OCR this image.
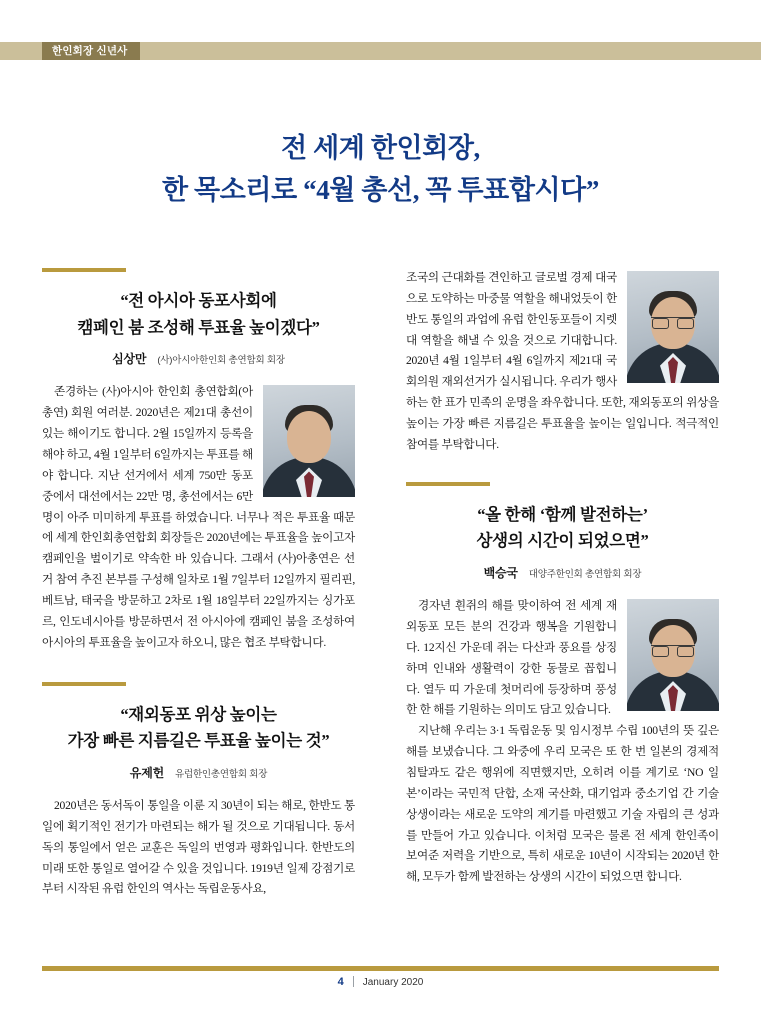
한인회장 신년사
전 세계 한인회장,
한 목소리로 “4월 총선, 꼭 투표합시다”
“전 아시아 동포사회에
캠페인 붐 조성해 투표율 높이겠다”
심상만 (사)아시아한인회 총연합회 회장

존경하는 (사)아시아 한인회 총연합회(아총연) 회원 여러분. 2020년은 제21대 총선이 있는 해이기도 합니다. 2월 15일까지 등록을 해야 하고, 4월 1일부터 6일까지는 투표를 해야 합니다. 지난 선거에서 세계 750만 동포 중에서 대선에서는 22만 명, 총선에서는 6만 명이 아주 미미하게 투표를 하였습니다. 너무나 적은 투표율 때문에 세계 한인회총연합회 회장들은 2020년에는 투표율을 높이고자 캠페인을 벌이기로 약속한 바 있습니다. 그래서 (사)아총연은 선거 참여 추진 본부를 구성해 일차로 1월 7일부터 12일까지 필리핀, 베트남, 태국을 방문하고 2차로 1월 18일부터 22일까지는 싱가포르, 인도네시아를 방문하면서 전 아시아에 캠페인 붐을 조성하여 아시아의 투표율을 높이고자 하오니, 많은 협조 부탁합니다.

“재외동포 위상 높이는
가장 빠른 지름길은 투표율 높이는 것”
유제헌 유럽한인총연합회 회장

2020년은 동서독이 통일을 이룬 지 30년이 되는 해로, 한반도 통일에 획기적인 전기가 마련되는 해가 될 것으로 기대됩니다. 동서독의 통일에서 얻은 교훈은 독일의 번영과 평화입니다. 한반도의 미래 또한 통일로 열어갈 수 있을 것입니다. 1919년 일제 강점기로부터 시작된 유럽 한인의 역사는 독립운동사요,

조국의 근대화를 견인하고 글로벌 경제 대국으로 도약하는 마중물 역할을 해내었듯이 한반도 통일의 과업에 유럽 한인동포들이 지렛대 역할을 해낼 수 있을 것으로 기대합니다. 2020년 4월 1일부터 4월 6일까지 제21대 국회의원 재외선거가 실시됩니다. 우리가 행사하는 한 표가 민족의 운명을 좌우합니다. 또한, 재외동포의 위상을 높이는 가장 빠른 지름길은 투표율을 높이는 일입니다. 적극적인 참여를 부탁합니다.

“올 한해 ‘함께 발전하는’
상생의 시간이 되었으면”
백승국 대양주한인회 총연합회 회장

경자년 흰쥐의 해를 맞이하여 전 세계 재외동포 모든 분의 건강과 행복을 기원합니다. 12지신 가운데 쥐는 다산과 풍요를 상징하며 인내와 생활력이 강한 동물로 꼽힙니다. 열두 띠 가운데 첫머리에 등장하며 풍성한 한 해를 기원하는 의미도 담고 있습니다.

지난해 우리는 3·1 독립운동 및 임시정부 수립 100년의 뜻 깊은 해를 보냈습니다. 그 와중에 우리 모국은 또 한 번 일본의 경제적 침탈과도 같은 행위에 직면했지만, 오히려 이를 계기로 ‘NO 일본’이라는 국민적 단합, 소재 국산화, 대기업과 중소기업 간 기술 상생이라는 새로운 도약의 계기를 마련했고 기술 자립의 큰 성과를 만들어 가고 있습니다. 이처럼 모국은 물론 전 세계 한인족이 보여준 저력을 기반으로, 특히 새로운 10년이 시작되는 2020년 한 해, 모두가 함께 발전하는 상생의 시간이 되었으면 합니다.

4 January 2020
